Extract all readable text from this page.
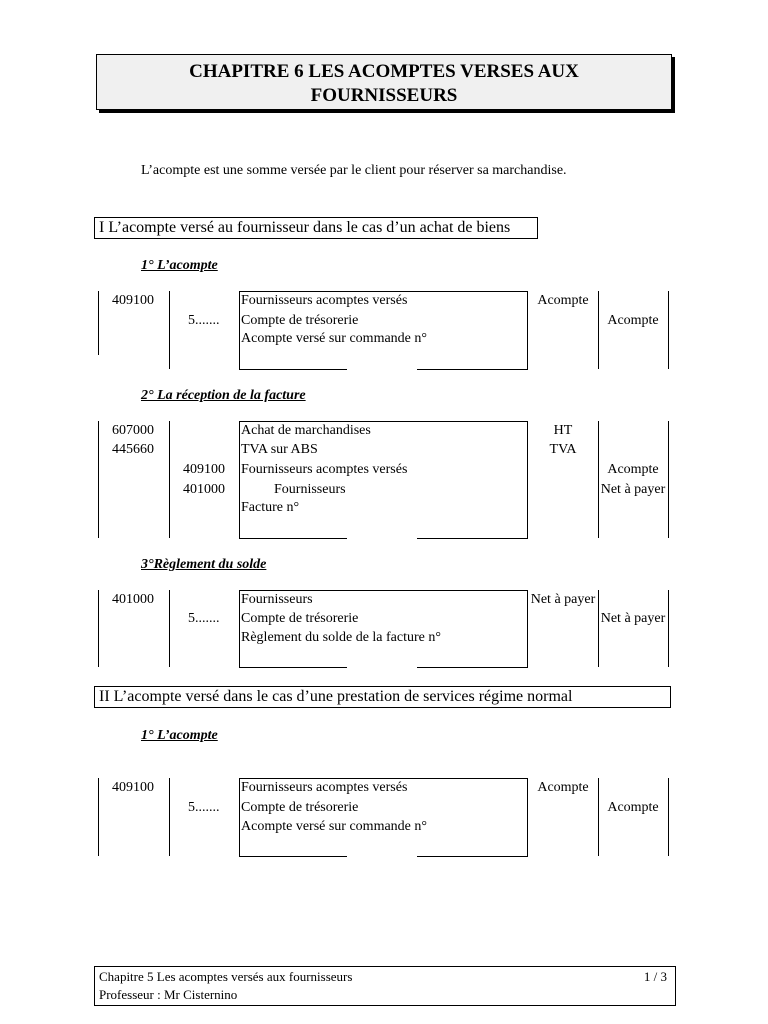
CHAPITRE 6 LES ACOMPTES VERSES AUX
FOURNISSEURS
L’acompte est une somme versée par le client pour réserver sa marchandise.
I L’acompte versé au fournisseur dans le cas d’un achat de biens
1° L’acompte
409100
5.......
Fournisseurs acomptes versés
Compte de trésorerie
Acompte versé sur commande n°
Acompte
Acompte
2° La réception de la facture
607000
445660
409100
401000
Achat de marchandises
TVA sur ABS
Fournisseurs acomptes versés
Fournisseurs
Facture n°
HT
TVA
Acompte
Net à payer
3°Règlement du solde
401000
5.......
Fournisseurs
Compte de trésorerie
Règlement du solde de la facture n°
Net à payer
Net à payer
II L’acompte versé dans le cas d’une prestation de services régime normal
1° L’acompte
409100
5.......
Fournisseurs acomptes versés
Compte de trésorerie
Acompte versé sur commande n°
Acompte
Acompte
Chapitre 5 Les acomptes versés aux fournisseurs
Professeur : Mr Cisternino
1 / 3
